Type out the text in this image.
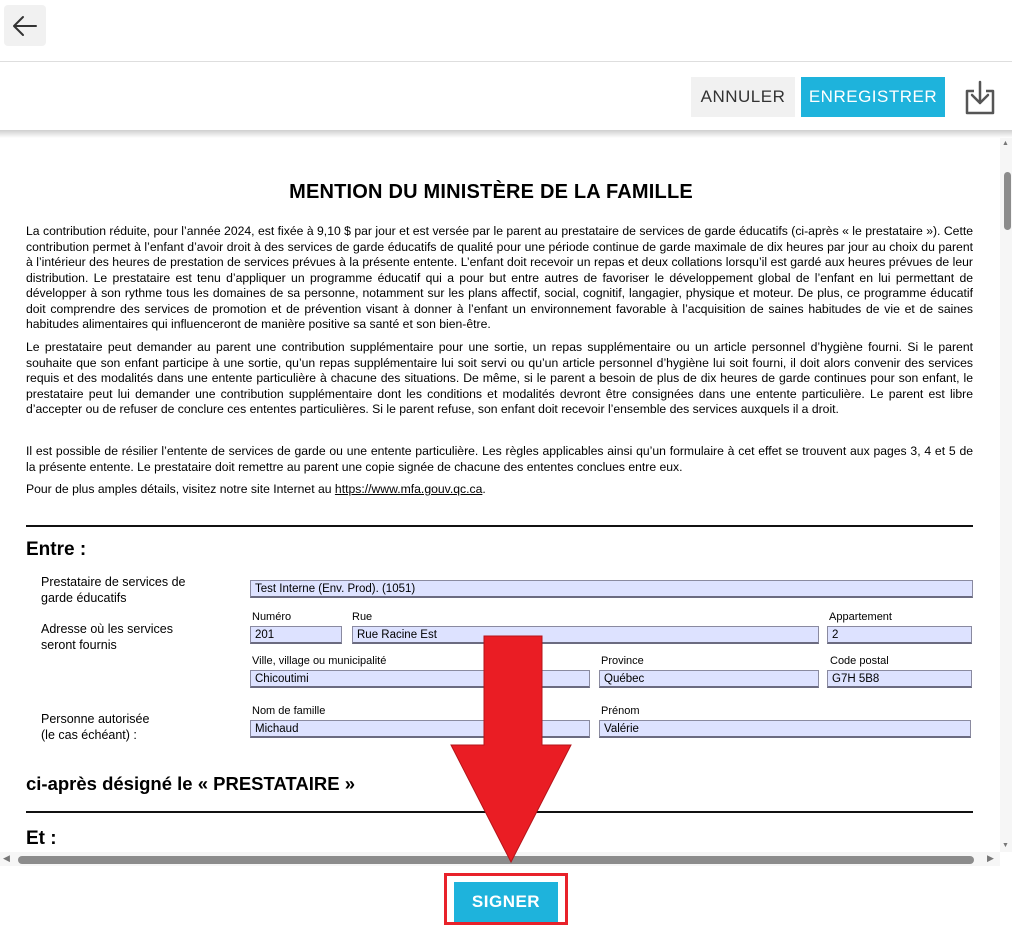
ANNULER	ENREGISTRER
MENTION DU MINISTÈRE DE LA FAMILLE

La contribution réduite, pour l’année 2024, est fixée à 9,10 $ par jour et est versée par le parent au prestataire de services de garde éducatifs (ci-après « le prestataire »). Cette contribution permet à l’enfant d’avoir droit à des services de garde éducatifs de qualité pour une période continue de garde maximale de dix heures par jour au choix du parent à l’intérieur des heures de prestation de services prévues à la présente entente. L’enfant doit recevoir un repas et deux collations lorsqu’il est gardé aux heures prévues de leur distribution. Le prestataire est tenu d’appliquer un programme éducatif qui a pour but entre autres de favoriser le développement global de l’enfant en lui permettant de développer à son rythme tous les domaines de sa personne, notamment sur les plans affectif, social, cognitif, langagier, physique et moteur. De plus, ce programme éducatif doit comprendre des services de promotion et de prévention visant à donner à l’enfant un environnement favorable à l’acquisition de saines habitudes de vie et de saines habitudes alimentaires qui influenceront de manière positive sa santé et son bien-être.

Le prestataire peut demander au parent une contribution supplémentaire pour une sortie, un repas supplémentaire ou un article personnel d’hygiène fourni. Si le parent souhaite que son enfant participe à une sortie, qu’un repas supplémentaire lui soit servi ou qu’un article personnel d’hygiène lui soit fourni, il doit alors convenir des services requis et des modalités dans une entente particulière à chacune des situations. De même, si le parent a besoin de plus de dix heures de garde continues pour son enfant, le prestataire peut lui demander une contribution supplémentaire dont les conditions et modalités devront être consignées dans une entente particulière. Le parent est libre d’accepter ou de refuser de conclure ces ententes particulières. Si le parent refuse, son enfant doit recevoir l’ensemble des services auxquels il a droit.

Il est possible de résilier l’entente de services de garde ou une entente particulière. Les règles applicables ainsi qu’un formulaire à cet effet se trouvent aux pages 3, 4 et 5 de la présente entente. Le prestataire doit remettre au parent une copie signée de chacune des ententes conclues entre eux.

Pour de plus amples détails, visitez notre site Internet au https://www.mfa.gouv.qc.ca.

Entre :
Prestataire de services de garde éducatifs
Test Interne (Env. Prod). (1051)
Adresse où les services seront fournis
Numéro
201
Rue
Rue Racine Est
Appartement
2
Ville, village ou municipalité
Chicoutimi
Province
Québec
Code postal
G7H 5B8
Personne autorisée (le cas échéant) :
Nom de famille
Michaud
Prénom
Valérie
ci-après désigné le « PRESTATAIRE »
Et :
▲
▼
◀	▶
SIGNER
